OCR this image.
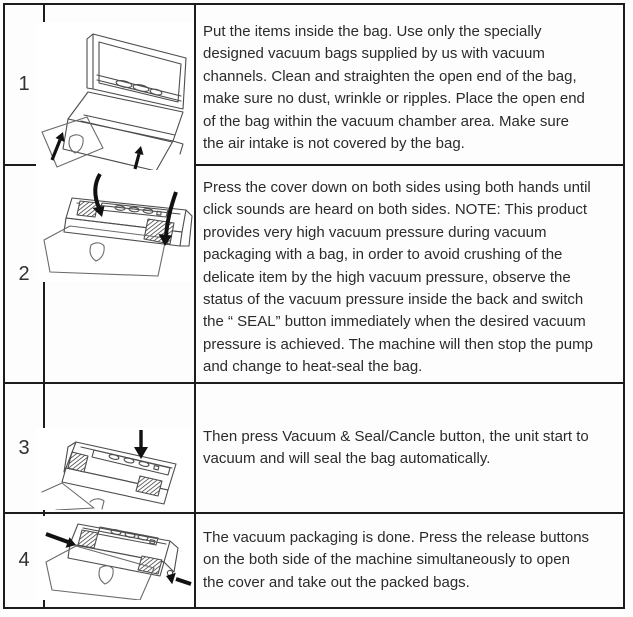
1
2
3
4
Put the items inside the bag. Use only the specially
designed vacuum bags supplied by us with vacuum
channels. Clean and straighten the open end of the bag,
make sure no dust, wrinkle or ripples. Place the open end
of the bag within the vacuum chamber area. Make sure
the air intake is not covered by the bag.
Press the cover down on both sides using both hands until
click sounds are heard on both sides. NOTE: This product
provides very high vacuum pressure during vacuum
packaging with a bag, in order to avoid crushing of the
delicate item by the high vacuum pressure, observe the
status of the vacuum pressure inside the back and switch
the “ SEAL” button immediately when the desired vacuum
pressure is achieved. The machine will then stop the pump
and change to heat-seal the bag.
Then press Vacuum & Seal/Cancle button, the unit start to
vacuum and will seal the bag automatically.
The vacuum packaging is done. Press the release buttons
on the both side of the machine simultaneously to open
the cover and take out the packed bags.
